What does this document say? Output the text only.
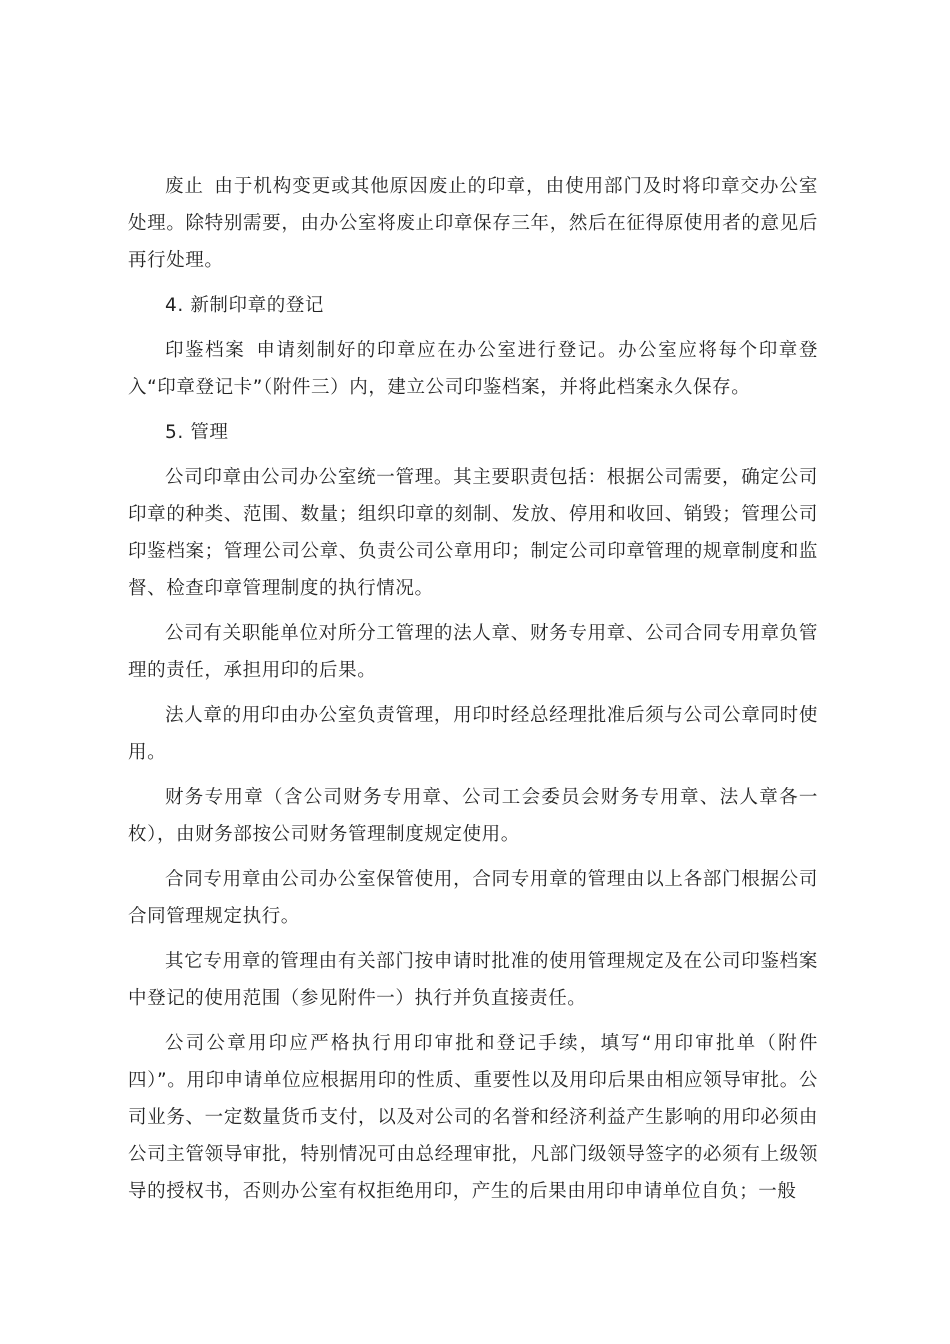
废止 由于机构变更或其他原因废止的印章，由使用部门及时将印章交办公室处理。除特别需要，由办公室将废止印章保存三年，然后在征得原使用者的意见后再行处理。

4. 新制印章的登记

印鉴档案 申请刻制好的印章应在办公室进行登记。办公室应将每个印章登入“印章登记卡”（附件三）内，建立公司印鉴档案，并将此档案永久保存。

5. 管理

公司印章由公司办公室统一管理。其主要职责包括：根据公司需要，确定公司印章的种类、范围、数量；组织印章的刻制、发放、停用和收回、销毁；管理公司印鉴档案；管理公司公章、负责公司公章用印；制定公司印章管理的规章制度和监督、检查印章管理制度的执行情况。

公司有关职能单位对所分工管理的法人章、财务专用章、公司合同专用章负管理的责任，承担用印的后果。

法人章的用印由办公室负责管理，用印时经总经理批准后须与公司公章同时使用。

财务专用章（含公司财务专用章、公司工会委员会财务专用章、法人章各一枚），由财务部按公司财务管理制度规定使用。

合同专用章由公司办公室保管使用，合同专用章的管理由以上各部门根据公司合同管理规定执行。

其它专用章的管理由有关部门按申请时批准的使用管理规定及在公司印鉴档案中登记的使用范围（参见附件一）执行并负直接责任。

公司公章用印应严格执行用印审批和登记手续，填写“用印审批单（附件四）”。用印申请单位应根据用印的性质、重要性以及用印后果由相应领导审批。公司业务、一定数量货币支付，以及对公司的名誉和经济利益产生影响的用印必须由公司主管领导审批，特别情况可由总经理审批，凡部门级领导签字的必须有上级领导的授权书，否则办公室有权拒绝用印，产生的后果由用印申请单位自负；一般
